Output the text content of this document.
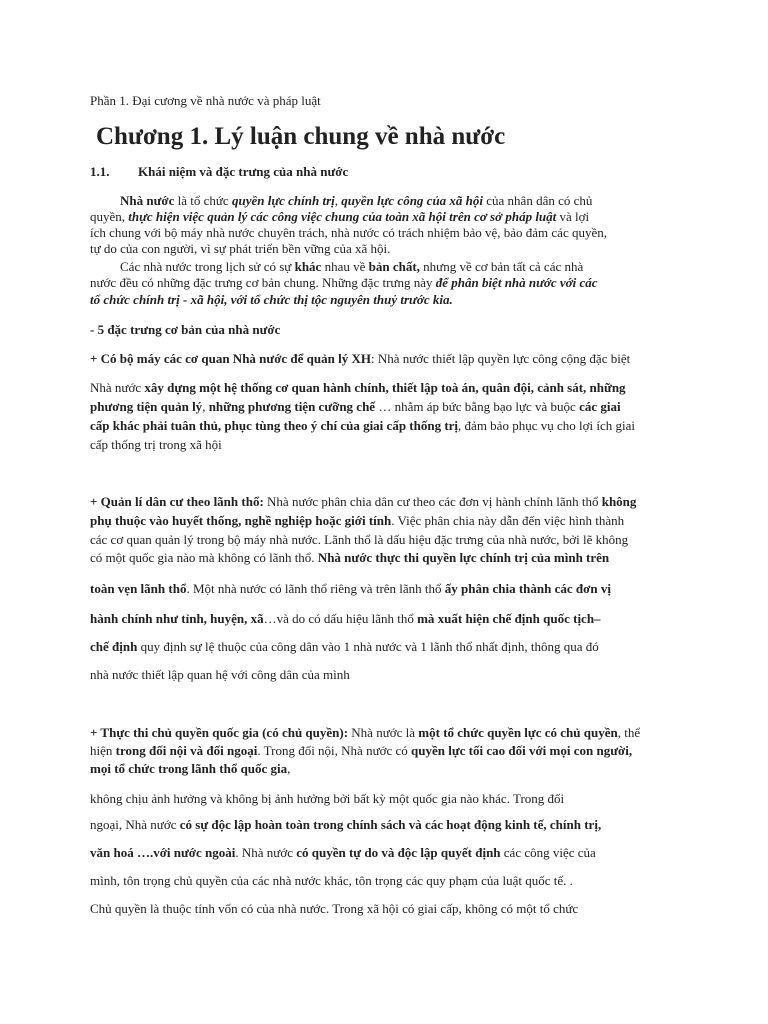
Phần 1. Đại cương về nhà nước và pháp luật
Chương 1. Lý luận chung về nhà nước
1.1. Khái niệm và đặc trưng của nhà nước
Nhà nước là tổ chức quyền lực chính trị, quyền lực công của xã hội của nhân dân có chủ
quyền, thực hiện việc quản lý các công việc chung của toàn xã hội trên cơ sở pháp luật và lợi
ích chung với bộ máy nhà nước chuyên trách, nhà nước có trách nhiệm bảo vệ, bảo đảm các quyền,
tự do của con người, vì sự phát triển bền vững của xã hội.
Các nhà nước trong lịch sử có sự khác nhau về bản chất, nhưng về cơ bản tất cả các nhà
nước đều có những đặc trưng cơ bản chung. Những đặc trưng này để phân biệt nhà nước với các
tổ chức chính trị - xã hội, với tổ chức thị tộc nguyên thuỷ trước kia.
- 5 đặc trưng cơ bản của nhà nước
+ Có bộ máy các cơ quan Nhà nước để quản lý XH: Nhà nước thiết lập quyền lực công cộng đặc biệt
Nhà nước xây dựng một hệ thống cơ quan hành chính, thiết lập toà án, quân đội, cảnh sát, những
phương tiện quản lý, những phương tiện cưỡng chế … nhằm áp bức bằng bạo lực và buộc các giai
cấp khác phải tuân thủ, phục tùng theo ý chí của giai cấp thống trị, đảm bảo phục vụ cho lợi ích giai
cấp thống trị trong xã hội
+ Quản lí dân cư theo lãnh thổ: Nhà nước phân chia dân cư theo các đơn vị hành chính lãnh thổ không
phụ thuộc vào huyết thống, nghề nghiệp hoặc giới tính. Việc phân chia này dẫn đến việc hình thành
các cơ quan quản lý trong bộ máy nhà nước. Lãnh thổ là dấu hiệu đặc trưng của nhà nước, bởi lẽ không
có một quốc gia nào mà không có lãnh thổ. Nhà nước thực thi quyền lực chính trị của mình trên
toàn vẹn lãnh thổ. Một nhà nước có lãnh thổ riêng và trên lãnh thổ ấy phân chia thành các đơn vị
hành chính như tỉnh, huyện, xã…và do có dấu hiệu lãnh thổ mà xuất hiện chế định quốc tịch–
chế định quy định sự lệ thuộc của công dân vào 1 nhà nước và 1 lãnh thổ nhất định, thông qua đó
nhà nước thiết lập quan hệ với công dân của mình
+ Thực thi chủ quyền quốc gia (có chủ quyền): Nhà nước là một tổ chức quyền lực có chủ quyền, thể
hiện trong đối nội và đối ngoại. Trong đối nội, Nhà nước có quyền lực tối cao đối với mọi con người,
mọi tổ chức trong lãnh thổ quốc gia,
không chịu ảnh hưởng và không bị ảnh hưởng bởi bất kỳ một quốc gia nào khác. Trong đối
ngoại, Nhà nước có sự độc lập hoàn toàn trong chính sách và các hoạt động kinh tế, chính trị,
văn hoá ….với nước ngoài. Nhà nước có quyền tự do và độc lập quyết định các công việc của
mình, tôn trọng chủ quyền của các nhà nước khác, tôn trọng các quy phạm của luật quốc tế. .
Chủ quyền là thuộc tính vốn có của nhà nước. Trong xã hội có giai cấp, không có một tổ chức
